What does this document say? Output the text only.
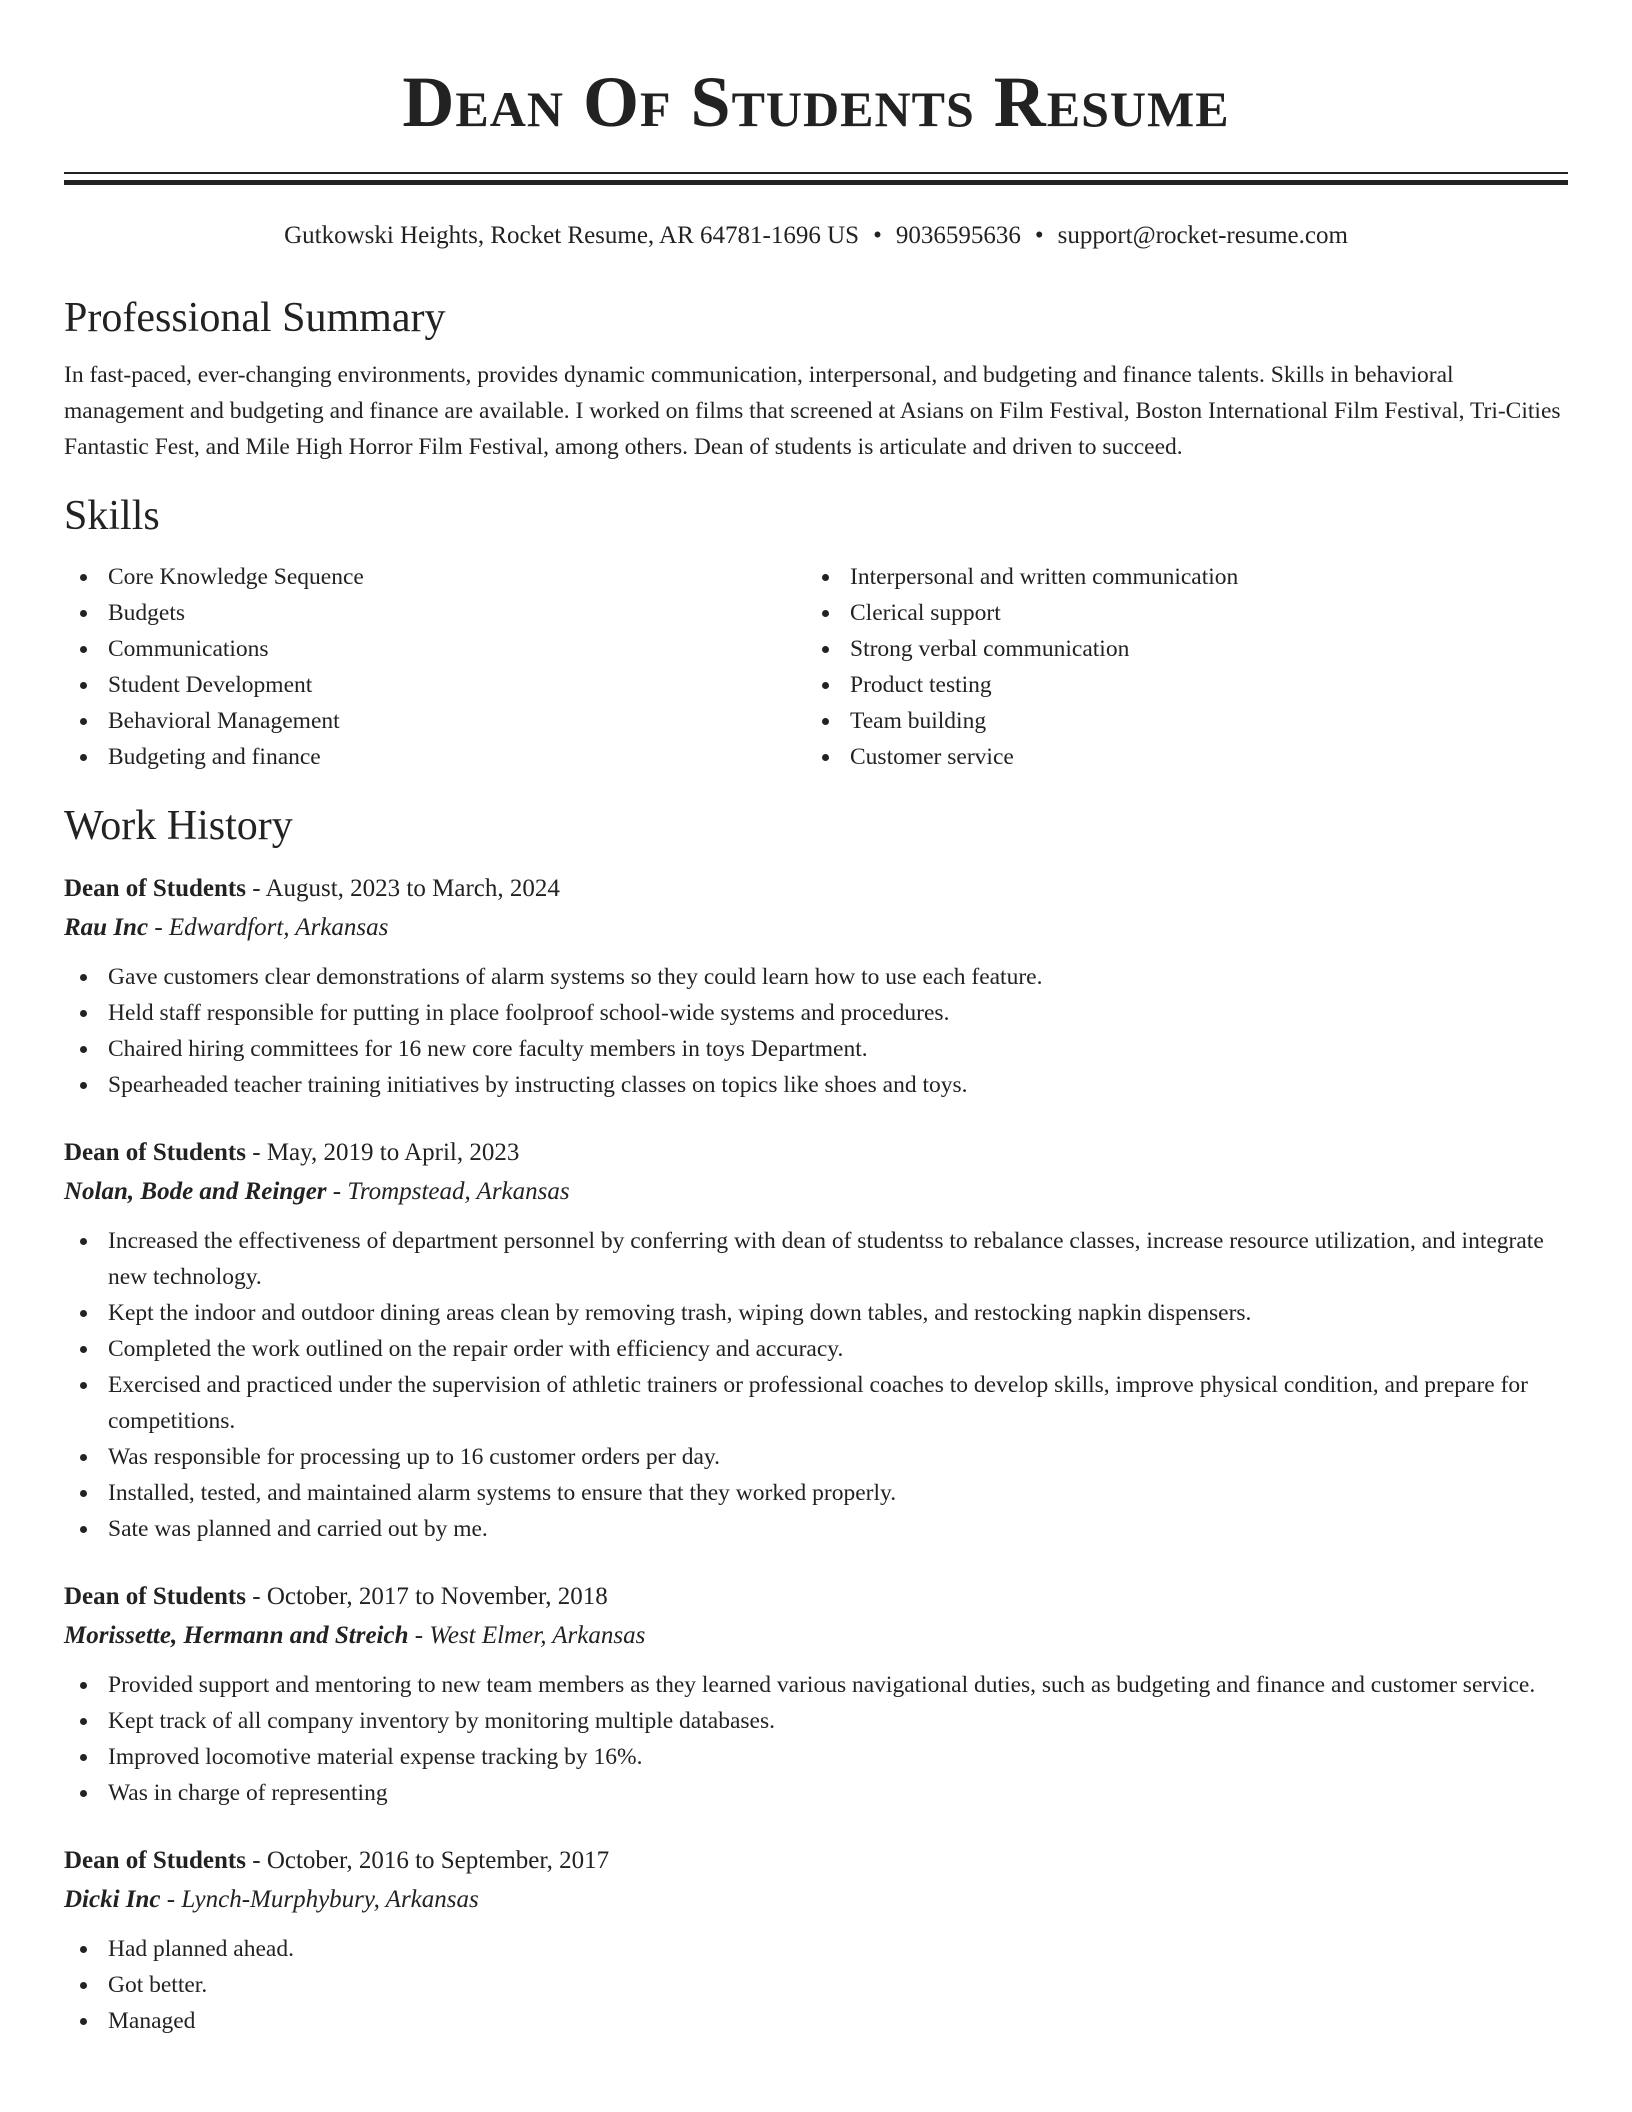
Dean Of Students Resume
Gutkowski Heights, Rocket Resume, AR 64781-1696 US • 9036595636 • support@rocket-resume.com
Professional Summary
In fast-paced, ever-changing environments, provides dynamic communication, interpersonal, and budgeting and finance talents. Skills in behavioral management and budgeting and finance are available. I worked on films that screened at Asians on Film Festival, Boston International Film Festival, Tri-Cities Fantastic Fest, and Mile High Horror Film Festival, among others. Dean of students is articulate and driven to succeed.
Skills
Core Knowledge Sequence
Budgets
Communications
Student Development
Behavioral Management
Budgeting and finance
Interpersonal and written communication
Clerical support
Strong verbal communication
Product testing
Team building
Customer service
Work History
Dean of Students - August, 2023 to March, 2024
Rau Inc - Edwardfort, Arkansas
Gave customers clear demonstrations of alarm systems so they could learn how to use each feature.
Held staff responsible for putting in place foolproof school-wide systems and procedures.
Chaired hiring committees for 16 new core faculty members in toys Department.
Spearheaded teacher training initiatives by instructing classes on topics like shoes and toys.
Dean of Students - May, 2019 to April, 2023
Nolan, Bode and Reinger - Trompstead, Arkansas
Increased the effectiveness of department personnel by conferring with dean of studentss to rebalance classes, increase resource utilization, and integrate new technology.
Kept the indoor and outdoor dining areas clean by removing trash, wiping down tables, and restocking napkin dispensers.
Completed the work outlined on the repair order with efficiency and accuracy.
Exercised and practiced under the supervision of athletic trainers or professional coaches to develop skills, improve physical condition, and prepare for competitions.
Was responsible for processing up to 16 customer orders per day.
Installed, tested, and maintained alarm systems to ensure that they worked properly.
Sate was planned and carried out by me.
Dean of Students - October, 2017 to November, 2018
Morissette, Hermann and Streich - West Elmer, Arkansas
Provided support and mentoring to new team members as they learned various navigational duties, such as budgeting and finance and customer service.
Kept track of all company inventory by monitoring multiple databases.
Improved locomotive material expense tracking by 16%.
Was in charge of representing
Dean of Students - October, 2016 to September, 2017
Dicki Inc - Lynch-Murphybury, Arkansas
Had planned ahead.
Got better.
Managed
